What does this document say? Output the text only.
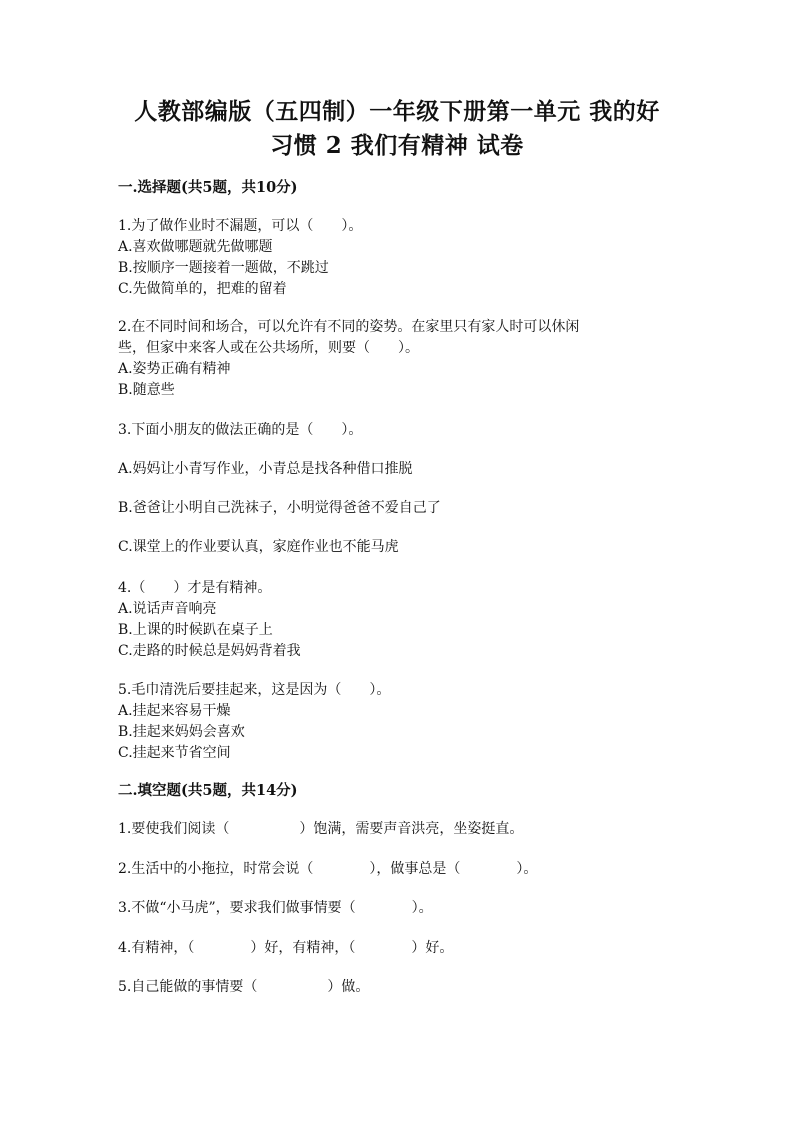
人教部编版（五四制）一年级下册第一单元 我的好
习惯 2 我们有精神 试卷
一.选择题(共5题，共10分)
1.为了做作业时不漏题，可以（　　）。
A.喜欢做哪题就先做哪题
B.按顺序一题接着一题做，不跳过
C.先做简单的，把难的留着
2.在不同时间和场合，可以允许有不同的姿势。在家里只有家人时可以休闲
些，但家中来客人或在公共场所，则要（　　）。
A.姿势正确有精神
B.随意些
3.下面小朋友的做法正确的是（　　）。
A.妈妈让小青写作业，小青总是找各种借口推脱
B.爸爸让小明自己洗袜子，小明觉得爸爸不爱自己了
C.课堂上的作业要认真，家庭作业也不能马虎
4.（　　）才是有精神。
A.说话声音响亮
B.上课的时候趴在桌子上
C.走路的时候总是妈妈背着我
5.毛巾清洗后要挂起来，这是因为（　　）。
A.挂起来容易干燥
B.挂起来妈妈会喜欢
C.挂起来节省空间
二.填空题(共5题，共14分)
1.要使我们阅读（　　　　　）饱满，需要声音洪亮，坐姿挺直。
2.生活中的小拖拉，时常会说（　　　　），做事总是（　　　　）。
3.不做“小马虎”，要求我们做事情要（　　　　）。
4.有精神，（　　　　）好，有精神，（　　　　）好。
5.自己能做的事情要（　　　　　）做。
